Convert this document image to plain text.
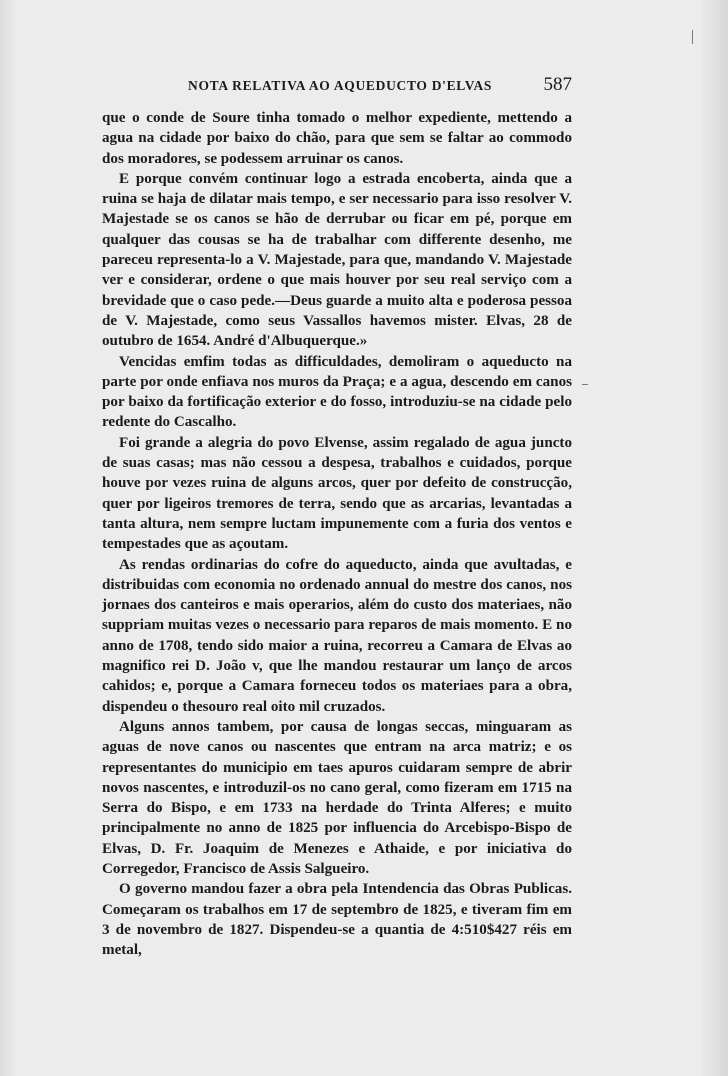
NOTA RELATIVA AO AQUEDUCTO D'ELVAS	587

que o conde de Soure tinha tomado o melhor expediente, mettendo a agua na cidade por baixo do chão, para que sem se faltar ao commodo dos moradores, se podessem arruinar os canos.

E porque convém continuar logo a estrada encoberta, ainda que a ruina se haja de dilatar mais tempo, e ser necessario para isso resolver V. Majestade se os canos se hão de derrubar ou ficar em pé, porque em qualquer das cousas se ha de trabalhar com differente desenho, me pareceu representa-lo a V. Majestade, para que, mandando V. Majestade ver e considerar, ordene o que mais houver por seu real serviço com a brevidade que o caso pede.—Deus guarde a muito alta e poderosa pessoa de V. Majestade, como seus Vassallos havemos mister. Elvas, 28 de outubro de 1654. André d'Albuquerque.»

Vencidas emfim todas as difficuldades, demoliram o aqueducto na parte por onde enfiava nos muros da Praça; e a agua, descendo em canos por baixo da fortificação exterior e do fosso, introduziu-se na cidade pelo redente do Cascalho.

Foi grande a alegria do povo Elvense, assim regalado de agua juncto de suas casas; mas não cessou a despesa, trabalhos e cuidados, porque houve por vezes ruina de alguns arcos, quer por defeito de construcção, quer por ligeiros tremores de terra, sendo que as arcarias, levantadas a tanta altura, nem sempre luctam impunemente com a furia dos ventos e tempestades que as açoutam.

As rendas ordinarias do cofre do aqueducto, ainda que avultadas, e distribuidas com economia no ordenado annual do mestre dos canos, nos jornaes dos canteiros e mais operarios, além do custo dos materiaes, não suppriam muitas vezes o necessario para reparos de mais momento. E no anno de 1708, tendo sido maior a ruina, recorreu a Camara de Elvas ao magnifico rei D. João v, que lhe mandou restaurar um lanço de arcos cahidos; e, porque a Camara forneceu todos os materiaes para a obra, dispendeu o thesouro real oito mil cruzados.

Alguns annos tambem, por causa de longas seccas, minguaram as aguas de nove canos ou nascentes que entram na arca matriz; e os representantes do municipio em taes apuros cuidaram sempre de abrir novos nascentes, e introduzil-os no cano geral, como fizeram em 1715 na Serra do Bispo, e em 1733 na herdade do Trinta Alferes; e muito principalmente no anno de 1825 por influencia do Arcebispo-Bispo de Elvas, D. Fr. Joaquim de Menezes e Athaide, e por iniciativa do Corregedor, Francisco de Assis Salgueiro.

O governo mandou fazer a obra pela Intendencia das Obras Publicas. Começaram os trabalhos em 17 de septembro de 1825, e tiveram fim em 3 de novembro de 1827. Dispendeu-se a quantia de 4:510$427 réis em metal,
